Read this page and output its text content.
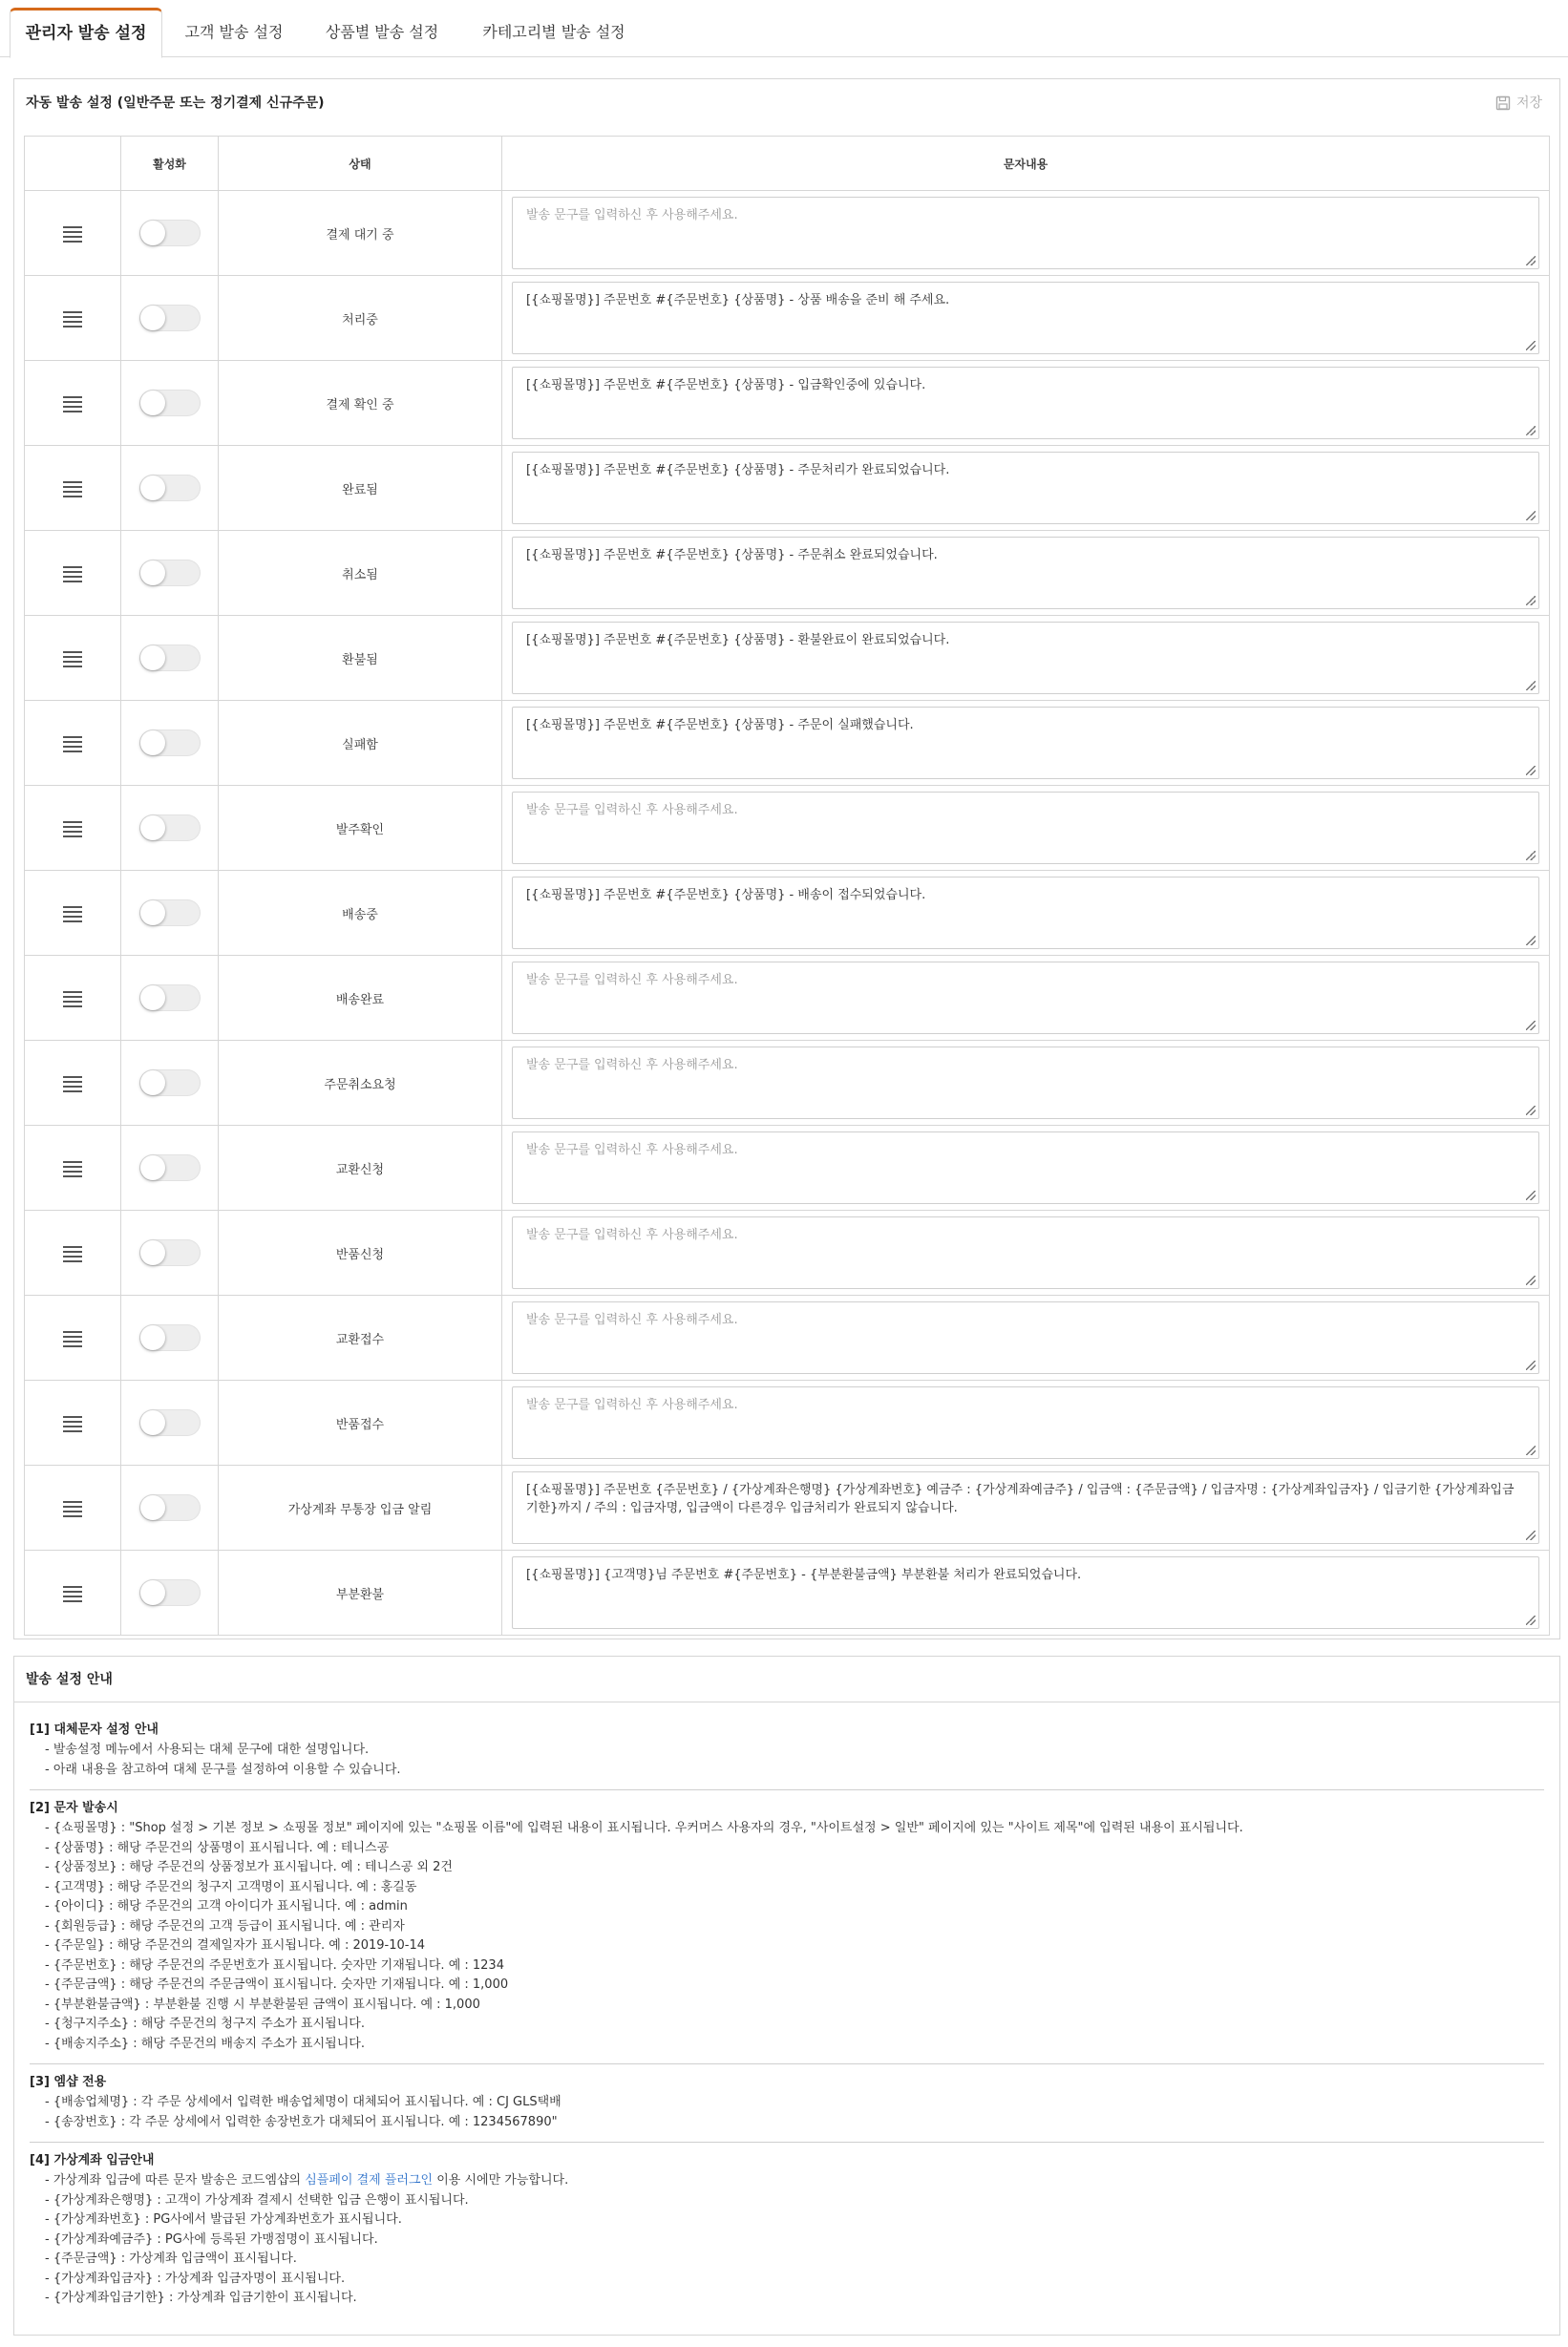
관리자 발송 설정	고객 발송 설정	상품별 발송 설정	카테고리별 발송 설정
자동 발송 설정 (일반주문 또는 정기결제 신규주문)	저장
	활성화	상태	문자내용

	결제 대기 중	발송 문구를 입력하신 후 사용해주세요.

	처리중	[{쇼핑몰명}] 주문번호 #{주문번호} {상품명} - 상품 배송을 준비 해 주세요.

	결제 확인 중	[{쇼핑몰명}] 주문번호 #{주문번호} {상품명} - 입금확인중에 있습니다.

	완료됨	[{쇼핑몰명}] 주문번호 #{주문번호} {상품명} - 주문처리가 완료되었습니다.

	취소됨	[{쇼핑몰명}] 주문번호 #{주문번호} {상품명} - 주문취소 완료되었습니다.

	환불됨	[{쇼핑몰명}] 주문번호 #{주문번호} {상품명} - 환불완료이 완료되었습니다.

	실패함	[{쇼핑몰명}] 주문번호 #{주문번호} {상품명} - 주문이 실패했습니다.

	발주확인	발송 문구를 입력하신 후 사용해주세요.

	배송중	[{쇼핑몰명}] 주문번호 #{주문번호} {상품명} - 배송이 접수되었습니다.

	배송완료	발송 문구를 입력하신 후 사용해주세요.

	주문취소요청	발송 문구를 입력하신 후 사용해주세요.

	교환신청	발송 문구를 입력하신 후 사용해주세요.

	반품신청	발송 문구를 입력하신 후 사용해주세요.

	교환접수	발송 문구를 입력하신 후 사용해주세요.

	반품접수	발송 문구를 입력하신 후 사용해주세요.

	가상계좌 무통장 입금 알림	[{쇼핑몰명}] 주문번호 {주문번호} / {가상계좌은행명} {가상계좌번호} 예금주 : {가상계좌예금주} / 입금액 : {주문금액} / 입금자명 : {가상계좌입금자} / 입금기한 {가상계좌입금기한}까지 / 주의 : 입금자명, 입금액이 다른경우 입금처리가 완료되지 않습니다.

	부분환불	[{쇼핑몰명}] {고객명}님 주문번호 #{주문번호} - {부분환불금액} 부분환불 처리가 완료되었습니다.
발송 설정 안내
[1] 대체문자 설정 안내
- 발송설정 메뉴에서 사용되는 대체 문구에 대한 설명입니다.
- 아래 내용을 참고하여 대체 문구를 설정하여 이용할 수 있습니다.
[2] 문자 발송시
- {쇼핑몰명} : "Shop 설정 > 기본 정보 > 쇼핑몰 정보" 페이지에 있는 "쇼핑몰 이름"에 입력된 내용이 표시됩니다. 우커머스 사용자의 경우, "사이트설정 > 일반" 페이지에 있는 "사이트 제목"에 입력된 내용이 표시됩니다.
- {상품명} : 해당 주문건의 상품명이 표시됩니다. 예 : 테니스공
- {상품정보} : 해당 주문건의 상품정보가 표시됩니다. 예 : 테니스공 외 2건
- {고객명} : 해당 주문건의 청구지 고객명이 표시됩니다. 예 : 홍길동
- {아이디} : 해당 주문건의 고객 아이디가 표시됩니다. 예 : admin
- {회원등급} : 해당 주문건의 고객 등급이 표시됩니다. 예 : 관리자
- {주문일} : 해당 주문건의 결제일자가 표시됩니다. 예 : 2019-10-14
- {주문번호} : 해당 주문건의 주문번호가 표시됩니다. 숫자만 기재됩니다. 예 : 1234
- {주문금액} : 해당 주문건의 주문금액이 표시됩니다. 숫자만 기재됩니다. 예 : 1,000
- {부분환불금액} : 부분환불 진행 시 부분환불된 금액이 표시됩니다. 예 : 1,000
- {청구지주소} : 해당 주문건의 청구지 주소가 표시됩니다.
- {배송지주소} : 해당 주문건의 배송지 주소가 표시됩니다.
[3] 엠샵 전용
- {배송업체명} : 각 주문 상세에서 입력한 배송업체명이 대체되어 표시됩니다. 예 : CJ GLS택배
- {송장번호} : 각 주문 상세에서 입력한 송장번호가 대체되어 표시됩니다. 예 : 1234567890"
[4] 가상계좌 입금안내
- 가상계좌 입금에 따른 문자 발송은 코드엠샵의 심플페이 결제 플러그인 이용 시에만 가능합니다.
- {가상계좌은행명} : 고객이 가상계좌 결제시 선택한 입금 은행이 표시됩니다.
- {가상계좌번호} : PG사에서 발급된 가상계좌번호가 표시됩니다.
- {가상계좌예금주} : PG사에 등록된 가맹점명이 표시됩니다.
- {주문금액} : 가상계좌 입금액이 표시됩니다.
- {가상계좌입금자} : 가상계좌 입금자명이 표시됩니다.
- {가상계좌입금기한} : 가상계좌 입금기한이 표시됩니다.
